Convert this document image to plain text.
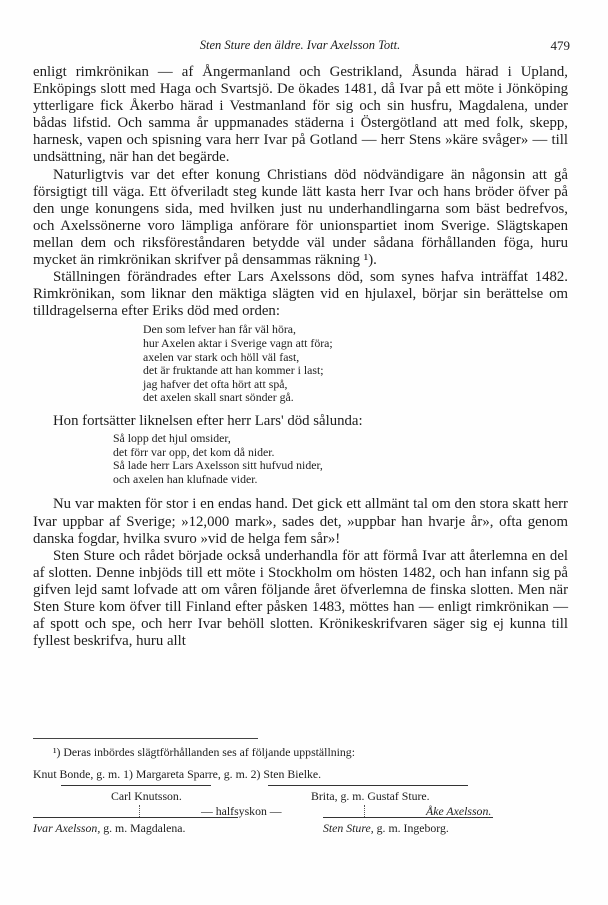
Sten Sture den äldre. Ivar Axelsson Tott.	479

enligt rimkrönikan — af Ångermanland och Gestrikland, Åsunda härad i Upland, Enköpings slott med Haga och Svartsjö. De ökades 1481, då Ivar på ett möte i Jönköping ytterligare fick Åkerbo härad i Vestmanland för sig och sin husfru, Magdalena, under bådas lifstid. Och samma år uppmanades städerna i Östergötland att med folk, skepp, harnesk, vapen och spisning vara herr Ivar på Gotland — herr Stens »käre svåger» — till undsättning, när han det begärde.

Naturligtvis var det efter konung Christians död nödvändigare än någonsin att gå försigtigt till väga. Ett öfveriladt steg kunde lätt kasta herr Ivar och hans bröder öfver på den unge konungens sida, med hvilken just nu underhandlingarna som bäst bedrefvos, och Axelssönerne voro lämpliga anförare för unionspartiet inom Sverige. Slägtskapen mellan dem och riksföreståndaren betydde väl under sådana förhållanden föga, huru mycket än rimkrönikan skrifver på densammas räkning ¹).

Ställningen förändrades efter Lars Axelssons död, som synes hafva inträffat 1482. Rimkrönikan, som liknar den mäktiga slägten vid en hjulaxel, börjar sin berättelse om tilldragelserna efter Eriks död med orden:

Den som lefver han får väl höra,
hur Axelen aktar i Sverige vagn att föra;
axelen var stark och höll väl fast,
det är fruktande att han kommer i last;
jag hafver det ofta hört att spå,
det axelen skall snart sönder gå.

Hon fortsätter liknelsen efter herr Lars' död sålunda:

Så lopp det hjul omsider,
det förr var opp, det kom då nider.
Så lade herr Lars Axelsson sitt hufvud nider,
och axelen han klufnade vider.

Nu var makten för stor i en endas hand. Det gick ett allmänt tal om den stora skatt herr Ivar uppbar af Sverige; »12,000 mark», sades det, »uppbar han hvarje år», ofta genom danska fogdar, hvilka svuro »vid de helga fem sår»!

Sten Sture och rådet började också underhandla för att förmå Ivar att återlemna en del af slotten. Denne inbjöds till ett möte i Stockholm om hösten 1482, och han infann sig på gifven lejd samt lofvade att om våren följande året öfverlemna de finska slotten. Men när Sten Sture kom öfver till Finland efter påsken 1483, möttes han — enligt rimkrönikan — af spott och spe, och herr Ivar behöll slotten. Krönikeskrifvaren säger sig ej kunna till fyllest beskrifva, huru allt

¹) Deras inbördes slägtförhållanden ses af följande uppställning:
Knut Bonde, g. m. 1) Margareta Sparre, g. m. 2) Sten Bielke.
Carl Knutsson.	Brita, g. m. Gustaf Sture.
— halfsyskon —	Åke Axelsson.
Ivar Axelsson, g. m. Magdalena.	Sten Sture, g. m. Ingeborg.
